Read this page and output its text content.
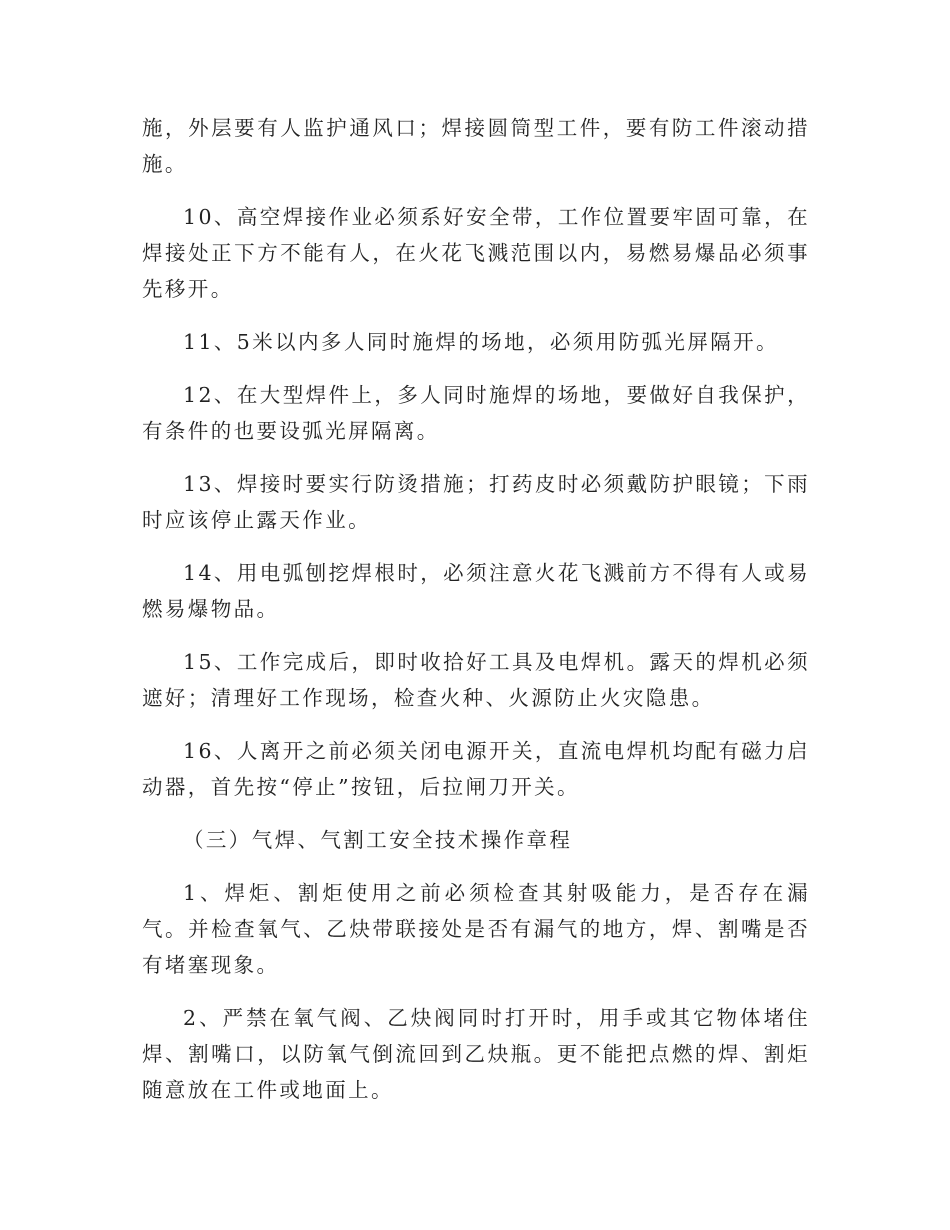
施，外层要有人监护通风口；焊接圆筒型工件，要有防工件滚动措施。

10、高空焊接作业必须系好安全带，工作位置要牢固可靠，在焊接处正下方不能有人，在火花飞溅范围以内，易燃易爆品必须事先移开。

11、5米以内多人同时施焊的场地，必须用防弧光屏隔开。

12、在大型焊件上，多人同时施焊的场地，要做好自我保护，有条件的也要设弧光屏隔离。

13、焊接时要实行防烫措施；打药皮时必须戴防护眼镜；下雨时应该停止露天作业。

14、用电弧刨挖焊根时，必须注意火花飞溅前方不得有人或易燃易爆物品。

15、工作完成后，即时收拾好工具及电焊机。露天的焊机必须遮好；清理好工作现场，检查火种、火源防止火灾隐患。

16、人离开之前必须关闭电源开关，直流电焊机均配有磁力启动器，首先按“停止”按钮，后拉闸刀开关。

（三）气焊、气割工安全技术操作章程

1、焊炬、割炬使用之前必须检查其射吸能力，是否存在漏气。并检查氧气、乙炔带联接处是否有漏气的地方，焊、割嘴是否有堵塞现象。

2、严禁在氧气阀、乙炔阀同时打开时，用手或其它物体堵住焊、割嘴口，以防氧气倒流回到乙炔瓶。更不能把点燃的焊、割炬随意放在工件或地面上。
